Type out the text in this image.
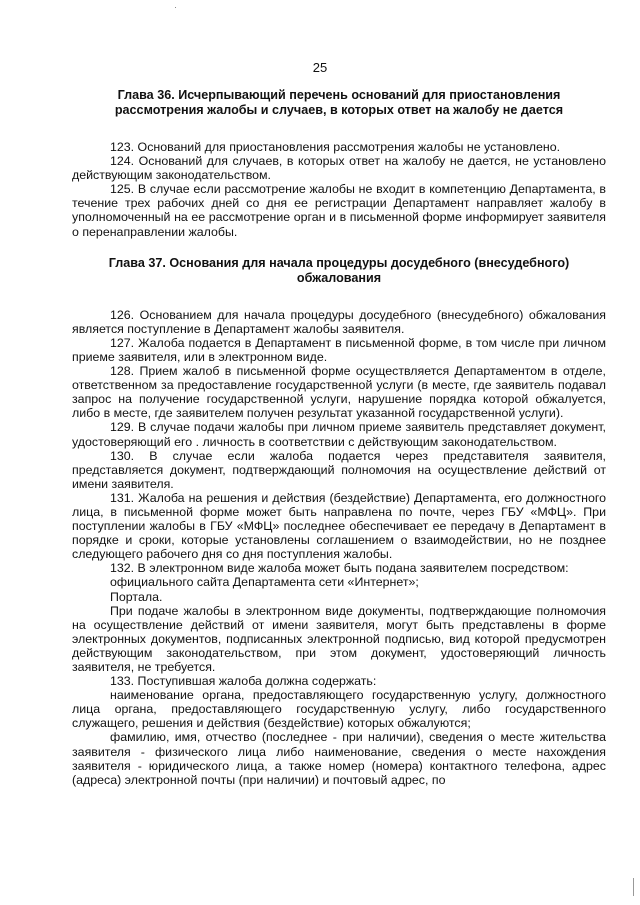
25
Глава 36. Исчерпывающий перечень оснований для приостановления рассмотрения жалобы и случаев, в которых ответ на жалобу не дается

123. Оснований для приостановления рассмотрения жалобы не установлено.

124. Оснований для случаев, в которых ответ на жалобу не дается, не установлено действующим законодательством.

125. В случае если рассмотрение жалобы не входит в компетенцию Департамента, в течение трех рабочих дней со дня ее регистрации Департамент направляет жалобу в уполномоченный на ее рассмотрение орган и в письменной форме информирует заявителя о перенаправлении жалобы.

Глава 37. Основания для начала процедуры досудебного (внесудебного) обжалования

126. Основанием для начала процедуры досудебного (внесудебного) обжалования является поступление в Департамент жалобы заявителя.

127. Жалоба подается в Департамент в письменной форме, в том числе при личном приеме заявителя, или в электронном виде.

128. Прием жалоб в письменной форме осуществляется Департаментом в отделе, ответственном за предоставление государственной услуги (в месте, где заявитель подавал запрос на получение государственной услуги, нарушение порядка которой обжалуется, либо в месте, где заявителем получен результат указанной государственной услуги).

129. В случае подачи жалобы при личном приеме заявитель представляет документ, удостоверяющий его . личность в соответствии с действующим законодательством.

130. В случае если жалоба подается через представителя заявителя, представляется документ, подтверждающий полномочия на осуществление действий от имени заявителя.

131. Жалоба на решения и действия (бездействие) Департамента, его должностного лица, в письменной форме может быть направлена по почте, через ГБУ «МФЦ». При поступлении жалобы в ГБУ «МФЦ» последнее обеспечивает ее передачу в Департамент в порядке и сроки, которые установлены соглашением о взаимодействии, но не позднее следующего рабочего дня со дня поступления жалобы.

132. В электронном виде жалоба может быть подана заявителем посредством:

официального сайта Департамента сети «Интернет»;

Портала.

При подаче жалобы в электронном виде документы, подтверждающие полномочия на осуществление действий от имени заявителя, могут быть представлены в форме электронных документов, подписанных электронной подписью, вид которой предусмотрен действующим законодательством, при этом документ, удостоверяющий личность заявителя, не требуется.

133. Поступившая жалоба должна содержать:

наименование органа, предоставляющего государственную услугу, должностного лица органа, предоставляющего государственную услугу, либо государственного служащего, решения и действия (бездействие) которых обжалуются;

фамилию, имя, отчество (последнее - при наличии), сведения о месте жительства заявителя - физического лица либо наименование, сведения о месте нахождения заявителя - юридического лица, а также номер (номера) контактного телефона, адрес (адреса) электронной почты (при наличии) и почтовый адрес, по
